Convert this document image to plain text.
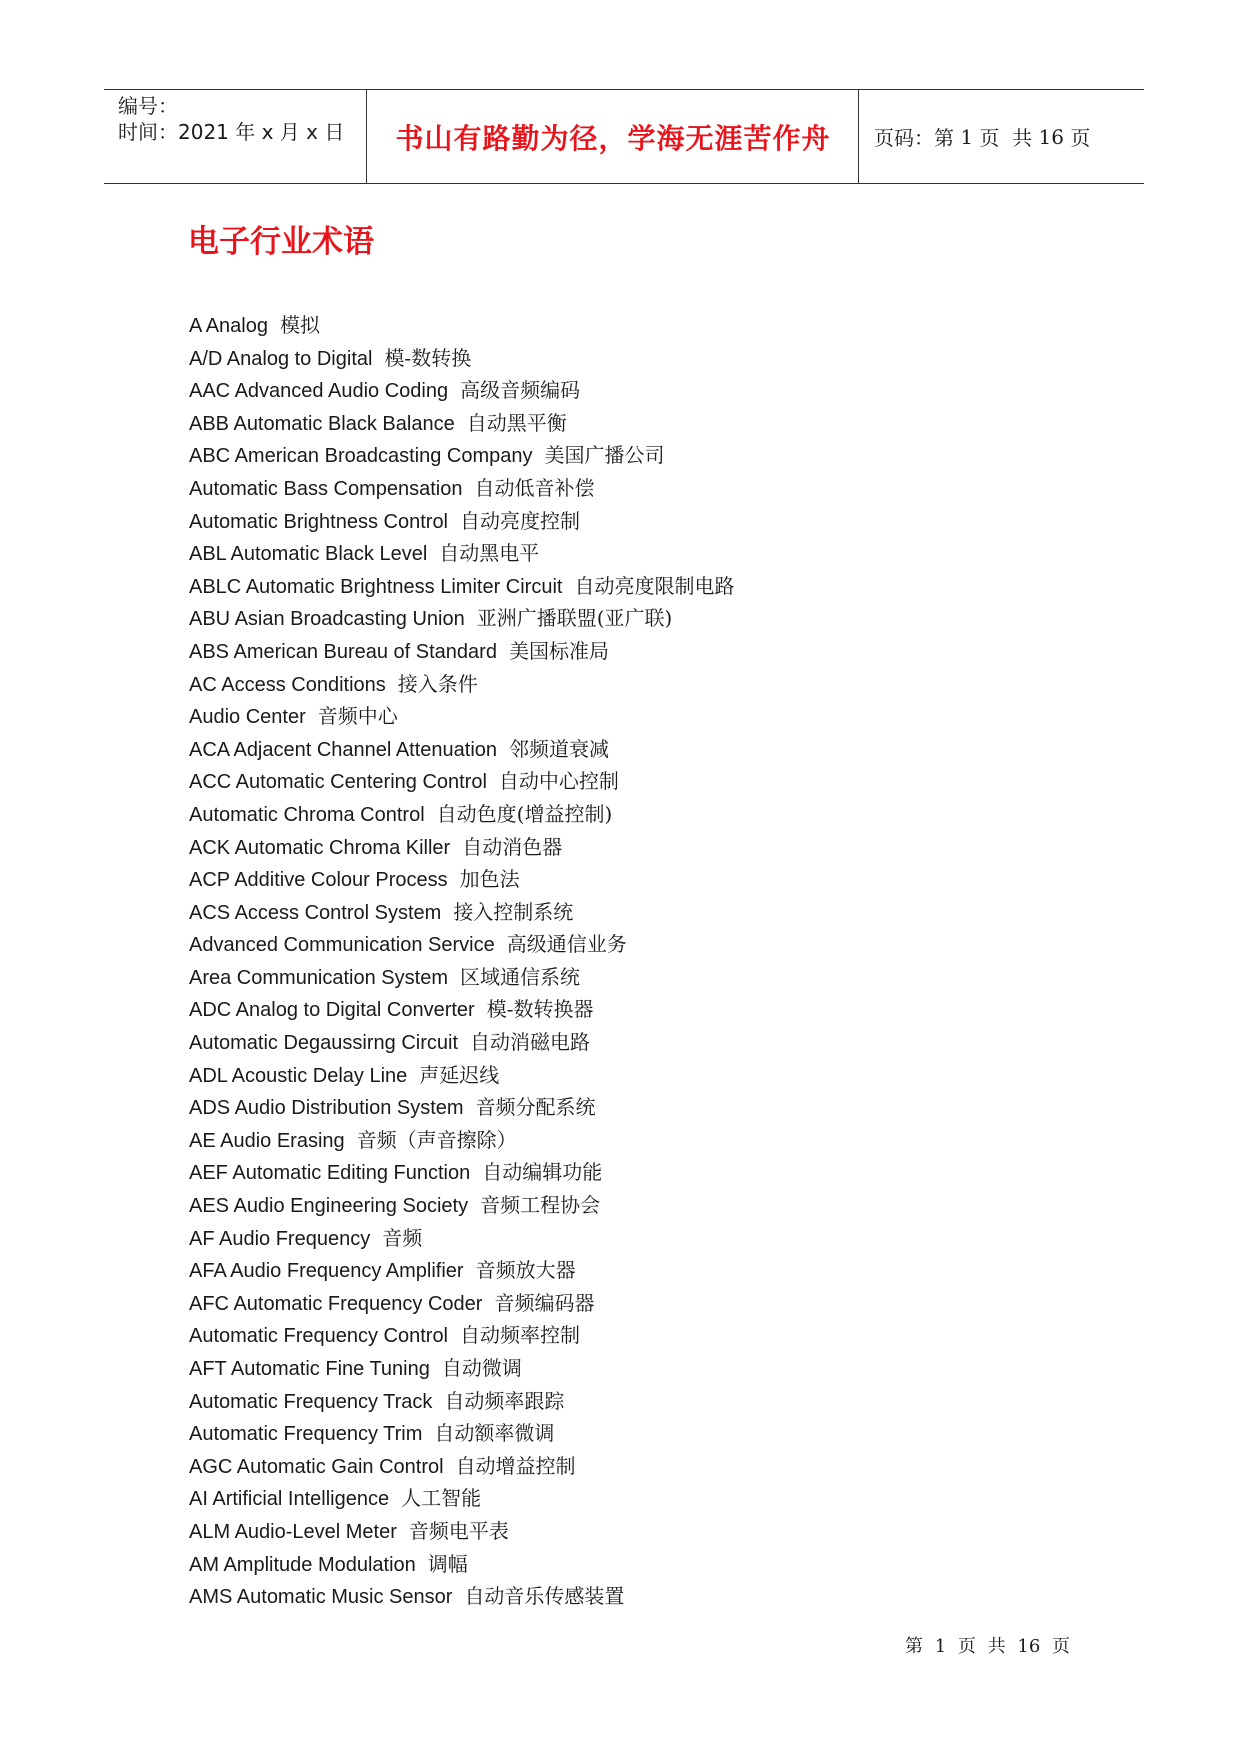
编号：
时间：2021 年 x 月 x 日 书山有路勤为径，学海无涯苦作舟 页码：第 1 页  共 16 页
电子行业术语
A Analog 模拟
A/D Analog to Digital 模-数转换
AAC Advanced Audio Coding 高级音频编码
ABB Automatic Black Balance 自动黑平衡
ABC American Broadcasting Company 美国广播公司
Automatic Bass Compensation 自动低音补偿
Automatic Brightness Control 自动亮度控制
ABL Automatic Black Level 自动黑电平
ABLC Automatic Brightness Limiter Circuit 自动亮度限制电路
ABU Asian Broadcasting Union 亚洲广播联盟(亚广联)
ABS American Bureau of Standard 美国标准局
AC Access Conditions 接入条件
Audio Center 音频中心
ACA Adjacent Channel Attenuation 邻频道衰减
ACC Automatic Centering Control 自动中心控制
Automatic Chroma Control 自动色度(增益控制)
ACK Automatic Chroma Killer 自动消色器
ACP Additive Colour Process 加色法
ACS Access Control System 接入控制系统
Advanced Communication Service 高级通信业务
Area Communication System 区域通信系统
ADC Analog to Digital Converter 模-数转换器
Automatic Degaussirng Circuit 自动消磁电路
ADL Acoustic Delay Line 声延迟线
ADS Audio Distribution System 音频分配系统
AE Audio Erasing 音频（声音擦除）
AEF Automatic Editing Function 自动编辑功能
AES Audio Engineering Society 音频工程协会
AF Audio Frequency 音频
AFA Audio Frequency Amplifier 音频放大器
AFC Automatic Frequency Coder 音频编码器
Automatic Frequency Control 自动频率控制
AFT Automatic Fine Tuning 自动微调
Automatic Frequency Track 自动频率跟踪
Automatic Frequency Trim 自动额率微调
AGC Automatic Gain Control 自动增益控制
AI Artificial Intelligence 人工智能
ALM Audio-Level Meter 音频电平表
AM Amplitude Modulation 调幅
AMS Automatic Music Sensor 自动音乐传感装置
第 1 页 共 16 页
